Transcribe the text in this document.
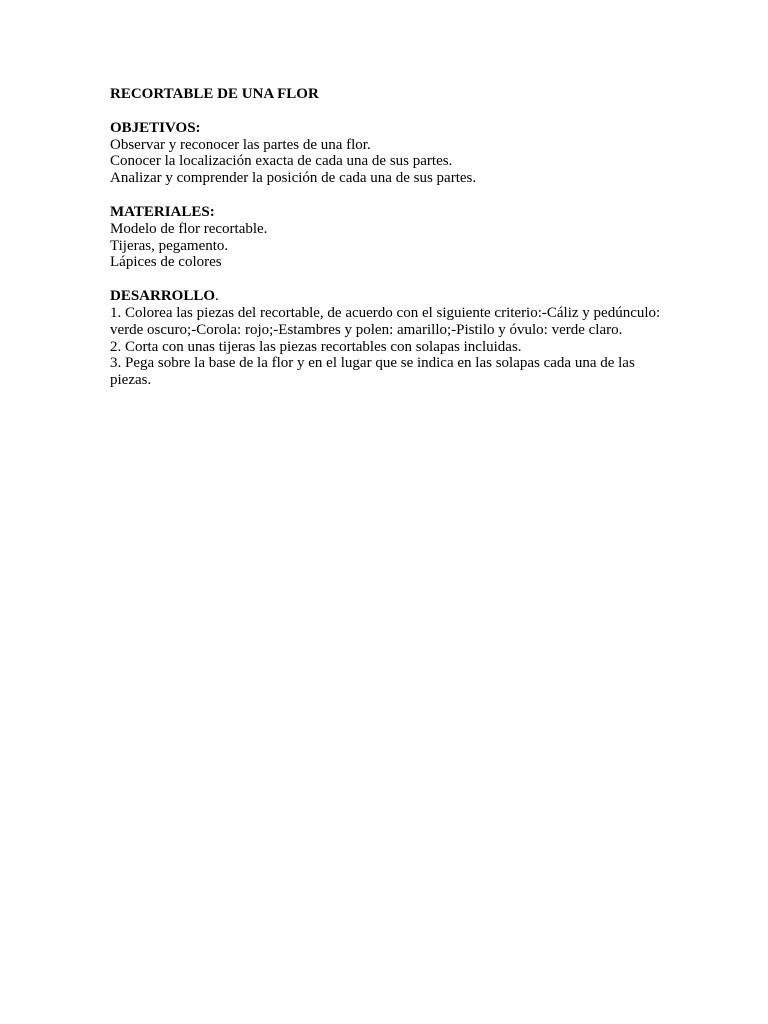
RECORTABLE DE UNA FLOR

OBJETIVOS:

Observar y reconocer las partes de una flor.

Conocer la localización exacta de cada una de sus partes.

Analizar y comprender la posición de cada una de sus partes.

MATERIALES:

Modelo de flor recortable.

Tijeras, pegamento.

Lápices de colores

DESARROLLO.

1. Colorea las piezas del recortable, de acuerdo con el siguiente criterio:-Cáliz y pedúnculo: verde oscuro;-Corola: rojo;-Estambres y polen: amarillo;-Pistilo y óvulo: verde claro.

2. Corta con unas tijeras las piezas recortables con solapas incluidas.

3. Pega sobre la base de la flor y en el lugar que se indica en las solapas cada una de las piezas.
